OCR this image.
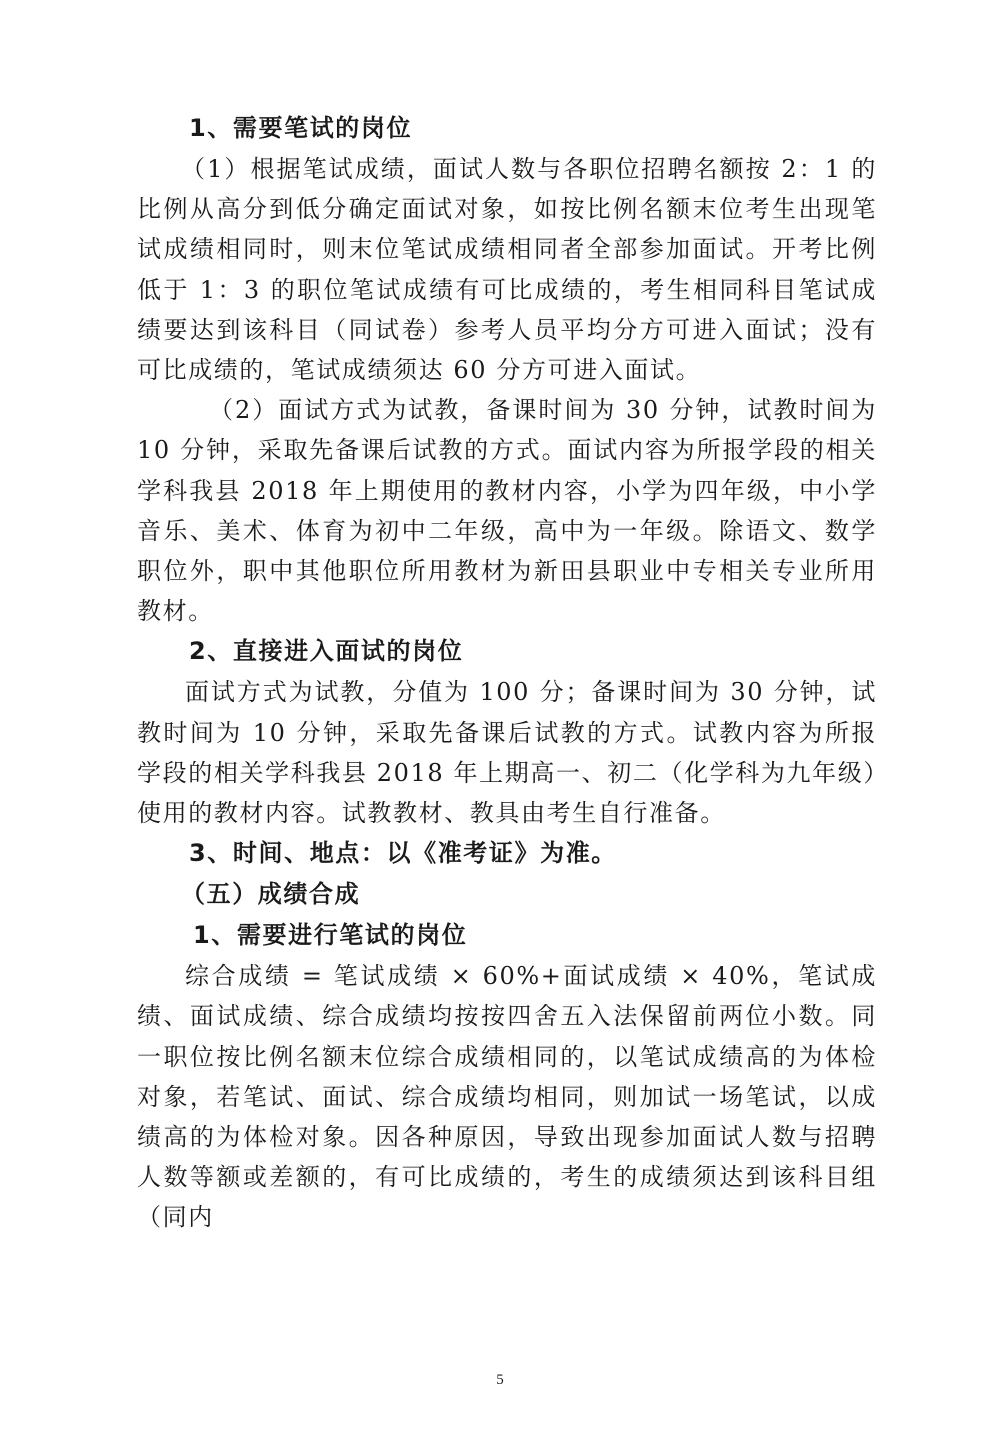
1、需要笔试的岗位

（1）根据笔试成绩，面试人数与各职位招聘名额按 2：1 的比例从高分到低分确定面试对象，如按比例名额末位考生出现笔试成绩相同时，则末位笔试成绩相同者全部参加面试。开考比例低于 1：3 的职位笔试成绩有可比成绩的，考生相同科目笔试成绩要达到该科目（同试卷）参考人员平均分方可进入面试；没有可比成绩的，笔试成绩须达 60 分方可进入面试。

（2）面试方式为试教，备课时间为 30 分钟，试教时间为 10 分钟，采取先备课后试教的方式。面试内容为所报学段的相关学科我县 2018 年上期使用的教材内容，小学为四年级，中小学音乐、美术、体育为初中二年级，高中为一年级。除语文、数学职位外，职中其他职位所用教材为新田县职业中专相关专业所用教材。

2、直接进入面试的岗位

面试方式为试教，分值为 100 分；备课时间为 30 分钟，试教时间为 10 分钟，采取先备课后试教的方式。试教内容为所报学段的相关学科我县 2018 年上期高一、初二（化学科为九年级）使用的教材内容。试教教材、教具由考生自行准备。

3、时间、地点：以《准考证》为准。

（五）成绩合成

1、需要进行笔试的岗位

综合成绩 = 笔试成绩 × 60%+面试成绩 × 40%，笔试成绩、面试成绩、综合成绩均按按四舍五入法保留前两位小数。同一职位按比例名额末位综合成绩相同的，以笔试成绩高的为体检对象，若笔试、面试、综合成绩均相同，则加试一场笔试，以成绩高的为体检对象。因各种原因，导致出现参加面试人数与招聘人数等额或差额的，有可比成绩的，考生的成绩须达到该科目组（同内

5
